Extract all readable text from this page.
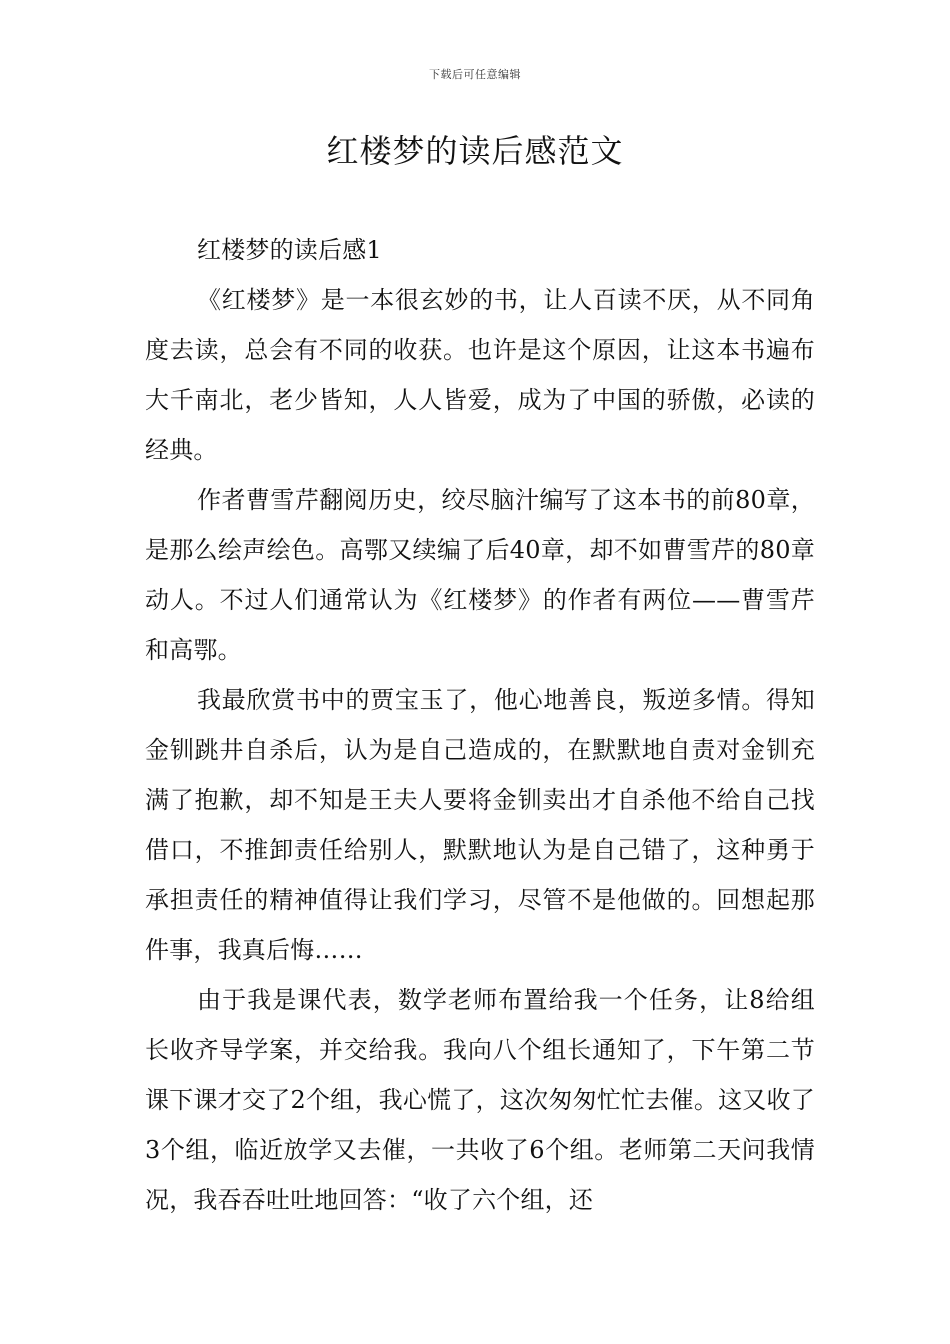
下载后可任意编辑
红楼梦的读后感范文

红楼梦的读后感1

《红楼梦》是一本很玄妙的书，让人百读不厌，从不同角度去读，总会有不同的收获。也许是这个原因，让这本书遍布大千南北，老少皆知，人人皆爱，成为了中国的骄傲，必读的经典。

作者曹雪芹翻阅历史，绞尽脑汁编写了这本书的前80章，是那么绘声绘色。高鄂又续编了后40章，却不如曹雪芹的80章动人。不过人们通常认为《红楼梦》的作者有两位——曹雪芹和高鄂。

我最欣赏书中的贾宝玉了，他心地善良，叛逆多情。得知金钏跳井自杀后，认为是自己造成的，在默默地自责对金钏充满了抱歉，却不知是王夫人要将金钏卖出才自杀他不给自己找借口，不推卸责任给别人，默默地认为是自己错了，这种勇于承担责任的精神值得让我们学习，尽管不是他做的。回想起那件事，我真后悔……

由于我是课代表，数学老师布置给我一个任务，让8给组长收齐导学案，并交给我。我向八个组长通知了，下午第二节课下课才交了2个组，我心慌了，这次匆匆忙忙去催。这又收了3个组，临近放学又去催，一共收了6个组。老师第二天问我情况，我吞吞吐吐地回答：“收了六个组，还
